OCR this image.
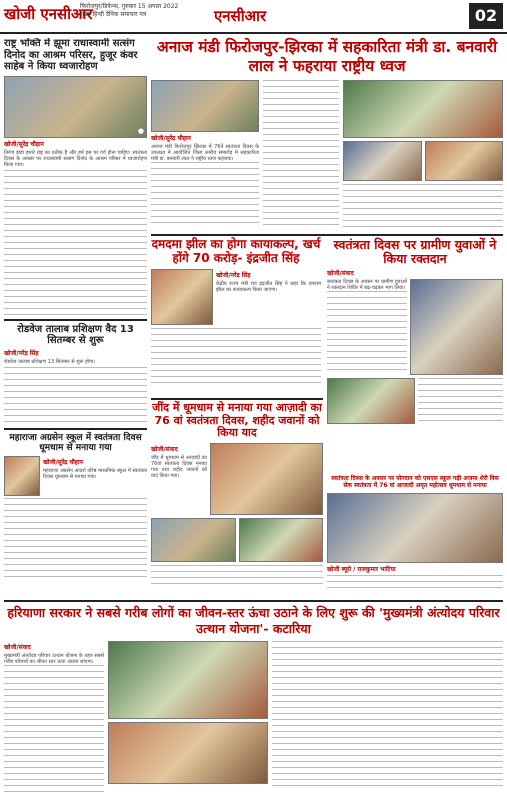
खोजी एनसीआर
फिरोजपुर/डिफेन्स, गुरुवार 15 अगस्त 2022
सुबह हिन्दी दैनिक समाचार पत्र	एनसीआर	02
राष्ट्र भक्ति में झूमा राधास्वामी सत्संग दिनोद का आश्रम परिसर, हुजूर कंवर साहेब ने किया ध्वजारोहण
●
खोजी/सुरेंद्र चौहान
तिरंगा झंडा हमारे राष्ट्र का प्रतीक है और हमें इस पर गर्व होना चाहिए। स्वतंत्रता दिवस के अवसर पर राधास्वामी सत्संग दिनोद के आश्रम परिसर में ध्वजारोहण किया गया।
रोडवेज तालाब प्रशिक्षण वैद 13 सितम्बर से शुरू
खोजी/नरेंद्र सिंह
रोडवेज तालाब प्रशिक्षण 13 सितम्बर से शुरू होगा।
महाराजा अग्रसेन स्कूल में स्वतंत्रता दिवस धूमधाम से मनाया गया
खोजी/सुरेंद्र चौहान
महाराजा अग्रसेन आदर्श वरिष्ठ माध्यमिक स्कूल में स्वतंत्रता दिवस धूमधाम से मनाया गया।
अनाज मंडी फिरोजपुर-झिरका में सहकारिता मंत्री डा. बनवारी लाल ने फहराया राष्ट्रीय ध्वज
खोजी/सुरेंद्र चौहान
अनाज मंडी फिरोजपुर झिरका में 76वें स्वतंत्रता दिवस के उपलक्ष्य में आयोजित जिला स्तरीय समारोह में सहकारिता मंत्री डा. बनवारी लाल ने राष्ट्रीय ध्वज फहराया।
दमदमा झील का होगा कायाकल्प, खर्च होंगे 70 करोड़- इंद्रजीत सिंह
खोजी/नरेंद्र सिंह
केंद्रीय राज्य मंत्री राव इंद्रजीत सिंह ने कहा कि दमदमा झील का कायाकल्प किया जाएगा।
स्वतंत्रता दिवस पर ग्रामीण युवाओं ने किया रक्तदान
खोजी/संवाद
स्वतंत्रता दिवस के अवसर पर ग्रामीण युवाओं ने रक्तदान शिविर में बढ़-चढ़कर भाग लिया।
जींद में धूमधाम से मनाया गया आज़ादी का 76 वां स्वतंत्रता दिवस, शहीद जवानों को किया याद
खोजी/संवाद
जींद में धूमधाम से आज़ादी का 76वां स्वतंत्रता दिवस मनाया गया तथा शहीद जवानों को याद किया गया।	स्वतंत्रता दिवस के अवसर पर योगदान को एसएस स्कूल गढ़ी अजमा शेरी विस सेक स्वतंत्रता में 76 वां आजादी अमृत महोत्सव धूमधाम से मनाया
खोजी ब्यूरो / राजकुमार भाटिया
हरियाणा सरकार ने सबसे गरीब लोगों का जीवन-स्तर ऊंचा उठाने के लिए शुरू की 'मुख्यमंत्री अंत्योदय परिवार उत्थान योजना'- कटारिया
खोजी/संवाद
मुख्यमंत्री अंत्योदय परिवार उत्थान योजना के तहत सबसे गरीब परिवारों का जीवन स्तर ऊंचा उठाया जाएगा।
